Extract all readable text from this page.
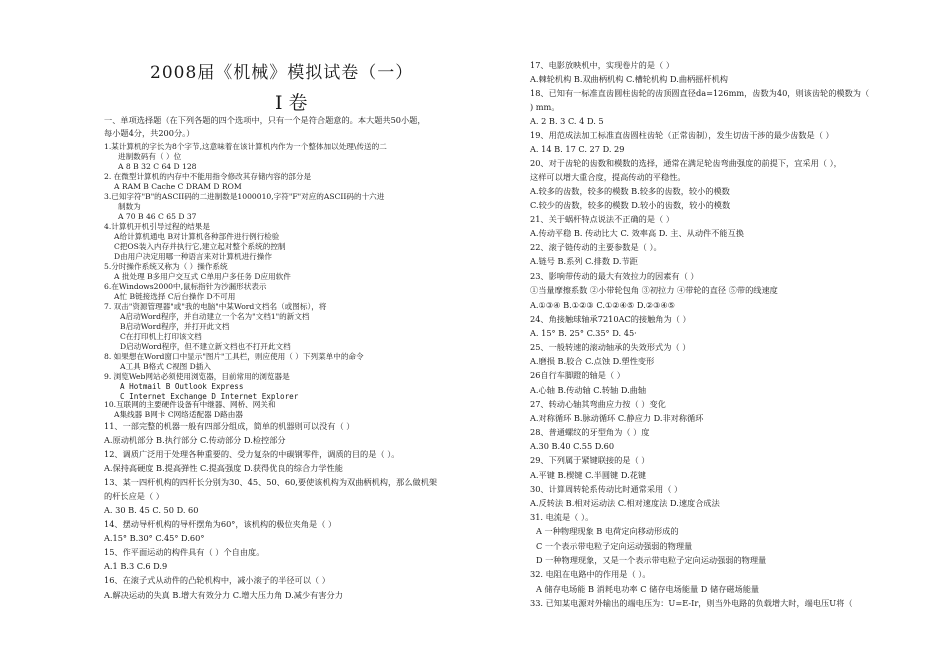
2008届《机械》模拟试卷（一）
Ⅰ 卷
一、单项选择题（在下列各题的四个选项中，只有一个是符合题意的。本大题共50小题，
每小题4分，共200分。）
1.某计算机的字长为8个字节,这意味着在该计算机内作为一个整体加以处理\传送的二
进制数码有（ ）位
A 8 B 32 C 64 D 128
2. 在微型计算机的内存中不能用指令修改其存储内容的部分是
A RAM B Cache C DRAM D ROM
3.已知字符"B"的ASCII码的二进制数是1000010,字符"F"对应的ASCII码的十六进
制数为
A 70 B 46 C 65 D 37
4.计算机开机引导过程的结果是
A给计算机通电 B对计算机各种部件进行例行检验
C把OS装入内存并执行它,建立起对整个系统的控制
D由用户决定用哪一种语言来对计算机进行操作
5.分时操作系统又称为（ ）操作系统
A 批处理 B多用户交互式 C单用户多任务 D应用软件
6.在Windows2000中,鼠标指针为沙漏形状表示
A忙 B链接选择 C后台操作 D不可用
7. 双击"资源管理器"或"我的电脑"中某Word文档名（或图标），将
A启动Word程序，并自动建立一个名为"文档1"的新文档
B启动Word程序，并打开此文档
C在打印机上打印该文档
D启动Word程序，但不建立新文档也不打开此文档
8. 如果想在Word窗口中显示"图片"工具栏，则应使用（ ）下列菜单中的命令
A工具 B格式 C视图 D插入
9. 浏览Web网站必须使用浏览器，目前常用的浏览器是
A Hotmail B Outlook Express
C Internet Exchange D Internet Explorer
10.互联网的主要硬件设备有中继器、网桥、网关和
A集线器 B网卡 C网络适配器 D路由器
11、一部完整的机器一般有四部分组成，简单的机器则可以没有（ ）
A.原动机部分 B.执行部分 C.传动部分 D.检控部分
12、调质广泛用于处理各种重要的、受力复杂的中碳钢零件，调质的目的是（ ）。
A.保持高硬度 B.提高弹性 C.提高强度 D.获得优良的综合力学性能
13、某一四杆机构的四杆长分别为30、45、50、60,要使该机构为双曲柄机构，那么做机架
的杆长应是（ ）
A. 30 B. 45 C. 50 D. 60
14、摆动导杆机构的导杆摆角为60°，该机构的极位夹角是（ ）
A.15° B.30° C.45° D.60°
15、作平面运动的构件具有（ ）个自由度。
A.1 B.3 C.6 D.9
16、在滚子式从动件的凸轮机构中，减小滚子的半径可以（ ）
A.解决运动的失真 B.增大有效分力 C.增大压力角 D.减少有害分力
17、电影放映机中，实现卷片的是（ ）
A.棘轮机构 B.双曲柄机构 C.槽轮机构 D.曲柄摇杆机构
18、已知有一标准直齿圆柱齿轮的齿顶圆直径da=126mm，齿数为40，则该齿轮的模数为（
) mm。
A. 2 B. 3 C. 4 D. 5
19、用范成法加工标准直齿圆柱齿轮（正常齿制），发生切齿干涉的最少齿数是（ ）
A. 14 B. 17 C. 27 D. 29
20、对于齿轮的齿数和模数的选择，通常在满足轮齿弯曲强度的前提下，宜采用（ ），
这样可以增大重合度，提高传动的平稳性。
A.较多的齿数，较多的模数 B.较多的齿数，较小的模数
C.较少的齿数，较多的模数 D.较小的齿数，较小的模数
21、关于蜗杆特点说法不正确的是（ ）
A.传动平稳 B. 传动比大 C. 效率高 D. 主、从动件不能互换
22、滚子链传动的主要参数是（ ）。
A.链号 B.系列 C.排数 D.节距
23、影响带传动的最大有效拉力的因素有（ ）
①当量摩擦系数 ②小带轮包角 ③初拉力 ④带轮的直径 ⑤带的线速度
A.①③④ B.①②③ C.①②④⑤ D.②③④⑤
24、角接触球轴承7210AC的接触角为（ ）
A. 15° B. 25° C.35° D. 45·
25、一般转速的滚动轴承的失效形式为（ ）
A.磨损 B.胶合 C.点蚀 D.塑性变形
26自行车脚蹬的轴是（ ）
A.心轴 B.传动轴 C.转轴 D.曲轴
27、转动心轴其弯曲应力按（ ）变化
A.对称循环 B.脉动循环 C.静应力 D.非对称循环
28、普通螺纹的牙型角为（ ）度
A.30 B.40 C.55 D.60
29、下列属于紧键联接的是（ ）
A.平键 B.楔键 C.半圆键 D.花键
30、计算周转轮系传动比时通常采用（ ）
A.反转法 B.相对运动法 C.相对速度法 D.速度合成法
31. 电流是（ ）。
A 一种物理现象 B 电荷定向移动形成的
C 一个表示带电粒子定向运动强弱的物理量
D 一种物理现象，又是一个表示带电粒子定向运动强弱的物理量
32. 电阻在电路中的作用是（ ）。
A 储存电场能 B 消耗电功率 C 储存电场能量 D 储存磁场能量
33. 已知某电源对外输出的端电压为：U=E-Ir，则当外电路的负载增大时，端电压U将（
